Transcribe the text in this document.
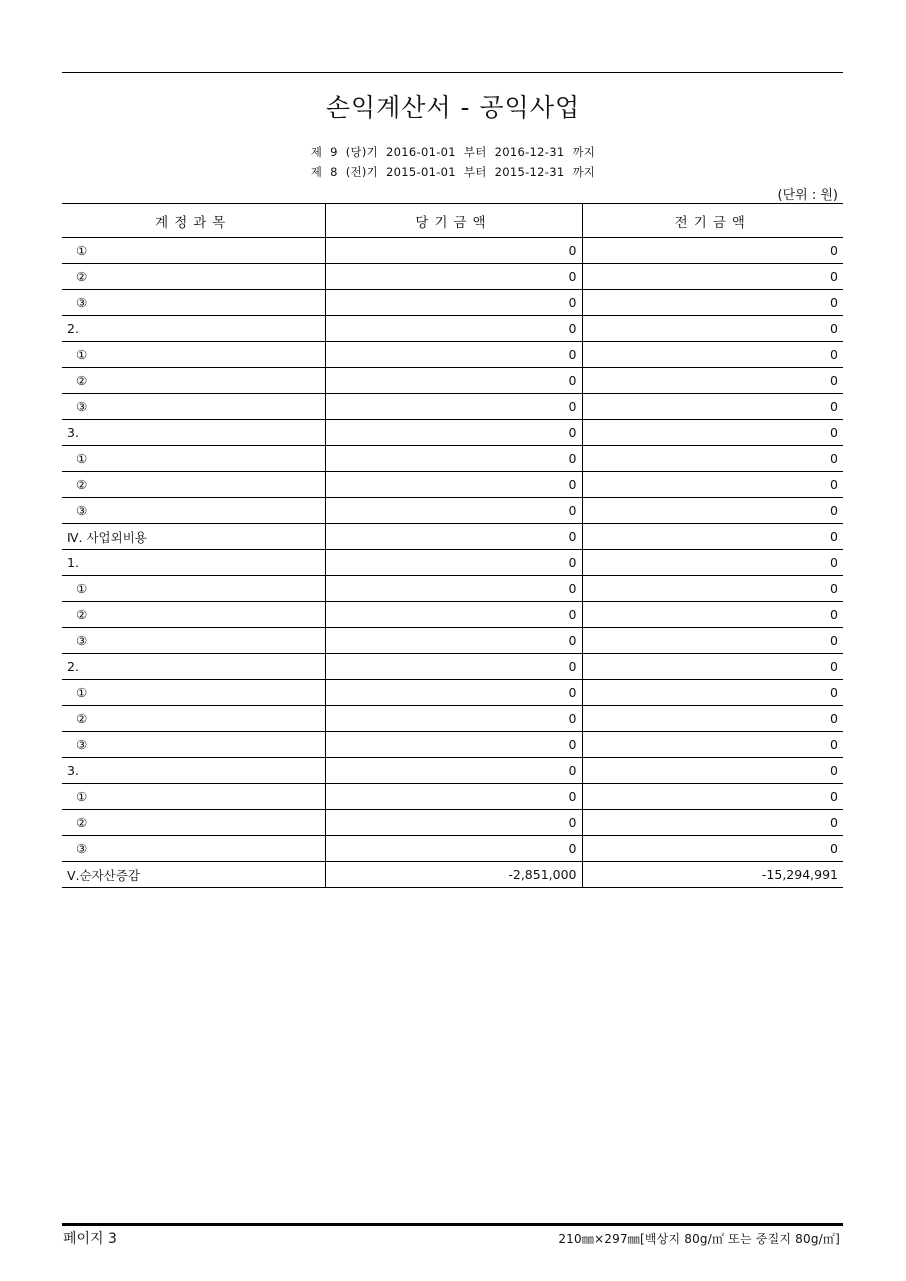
손익계산서 - 공익사업
제 9 (당)기 2016-01-01 부터 2016-12-31 까지
제 8 (전)기 2015-01-01 부터 2015-12-31 까지
(단위 : 원)
계정과목	당기금액	전기금액
①	0	0
②	0	0
③	0	0
2.	0	0
①	0	0
②	0	0
③	0	0
3.	0	0
①	0	0
②	0	0
③	0	0
Ⅳ. 사업외비용	0	0
1.	0	0
①	0	0
②	0	0
③	0	0
2.	0	0
①	0	0
②	0	0
③	0	0
3.	0	0
①	0	0
②	0	0
③	0	0
Ⅴ.순자산증감	-2,851,000	-15,294,991
페이지 3	210㎜×297㎜[백상지 80g/㎡ 또는 중질지 80g/㎡]
